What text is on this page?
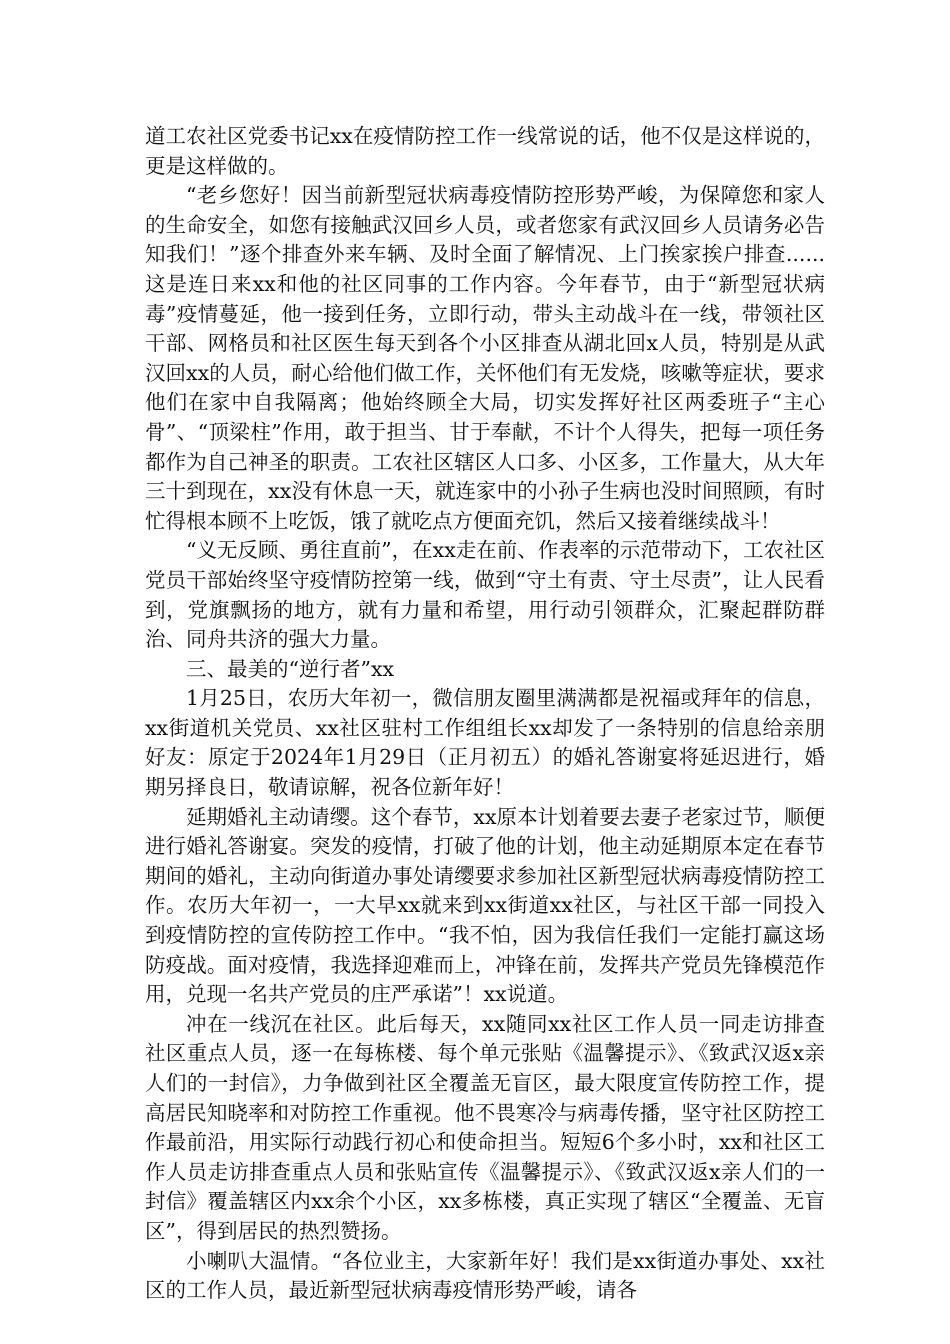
道工农社区党委书记xx在疫情防控工作一线常说的话，他不仅是这样说的，更是这样做的。

“老乡您好！因当前新型冠状病毒疫情防控形势严峻，为保障您和家人的生命安全，如您有接触武汉回乡人员，或者您家有武汉回乡人员请务必告知我们！”逐个排查外来车辆、及时全面了解情况、上门挨家挨户排查......这是连日来xx和他的社区同事的工作内容。今年春节，由于“新型冠状病毒”疫情蔓延，他一接到任务，立即行动，带头主动战斗在一线，带领社区干部、网格员和社区医生每天到各个小区排查从湖北回x人员，特别是从武汉回xx的人员，耐心给他们做工作，关怀他们有无发烧，咳嗽等症状，要求他们在家中自我隔离；他始终顾全大局，切实发挥好社区两委班子“主心骨”、“顶梁柱”作用，敢于担当、甘于奉献，不计个人得失，把每一项任务都作为自己神圣的职责。工农社区辖区人口多、小区多，工作量大，从大年三十到现在，xx没有休息一天，就连家中的小孙子生病也没时间照顾，有时忙得根本顾不上吃饭，饿了就吃点方便面充饥，然后又接着继续战斗！

“义无反顾、勇往直前”，在xx走在前、作表率的示范带动下，工农社区党员干部始终坚守疫情防控第一线，做到“守土有责、守土尽责”，让人民看到，党旗飘扬的地方，就有力量和希望，用行动引领群众，汇聚起群防群治、同舟共济的强大力量。

三、最美的“逆行者”xx

1月25日，农历大年初一，微信朋友圈里满满都是祝福或拜年的信息，xx街道机关党员、xx社区驻村工作组组长xx却发了一条特别的信息给亲朋好友：原定于2024年1月29日（正月初五）的婚礼答谢宴将延迟进行，婚期另择良日，敬请谅解，祝各位新年好！

延期婚礼主动请缨。这个春节，xx原本计划着要去妻子老家过节，顺便进行婚礼答谢宴。突发的疫情，打破了他的计划，他主动延期原本定在春节期间的婚礼，主动向街道办事处请缨要求参加社区新型冠状病毒疫情防控工作。农历大年初一，一大早xx就来到xx街道xx社区，与社区干部一同投入到疫情防控的宣传防控工作中。“我不怕，因为我信任我们一定能打赢这场防疫战。面对疫情，我选择迎难而上，冲锋在前，发挥共产党员先锋模范作用，兑现一名共产党员的庄严承诺”！xx说道。

冲在一线沉在社区。此后每天，xx随同xx社区工作人员一同走访排查社区重点人员，逐一在每栋楼、每个单元张贴《温馨提示》、《致武汉返x亲人们的一封信》，力争做到社区全覆盖无盲区，最大限度宣传防控工作，提高居民知晓率和对防控工作重视。他不畏寒冷与病毒传播，坚守社区防控工作最前沿，用实际行动践行初心和使命担当。短短6个多小时，xx和社区工作人员走访排查重点人员和张贴宣传《温馨提示》、《致武汉返x亲人们的一封信》覆盖辖区内xx余个小区，xx多栋楼，真正实现了辖区“全覆盖、无盲区”，得到居民的热烈赞扬。

小喇叭大温情。“各位业主，大家新年好！我们是xx街道办事处、xx社区的工作人员，最近新型冠状病毒疫情形势严峻，请各
